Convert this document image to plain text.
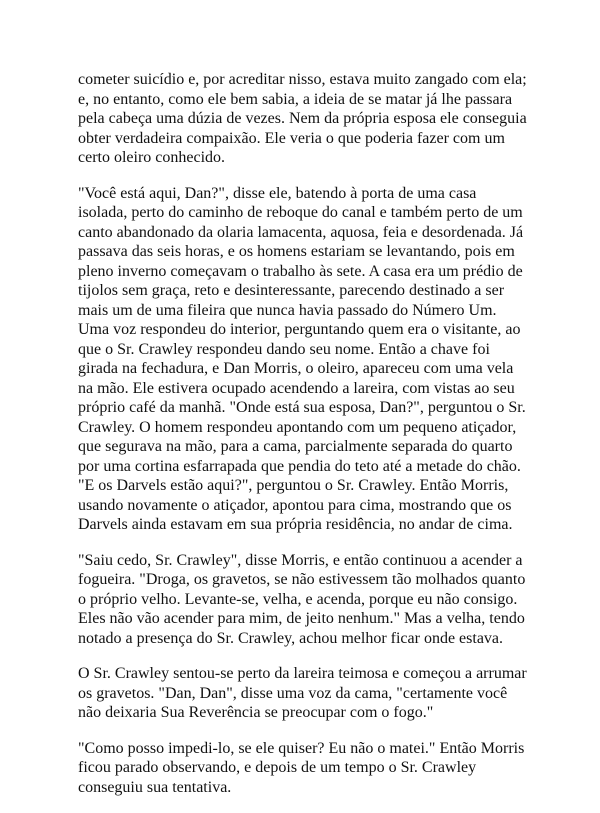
cometer suicídio e, por acreditar nisso, estava muito zangado com ela; e, no entanto, como ele bem sabia, a ideia de se matar já lhe passara pela cabeça uma dúzia de vezes. Nem da própria esposa ele conseguia obter verdadeira compaixão. Ele veria o que poderia fazer com um certo oleiro conhecido.

"Você está aqui, Dan?", disse ele, batendo à porta de uma casa isolada, perto do caminho de reboque do canal e também perto de um canto abandonado da olaria lamacenta, aquosa, feia e desordenada. Já passava das seis horas, e os homens estariam se levantando, pois em pleno inverno começavam o trabalho às sete. A casa era um prédio de tijolos sem graça, reto e desinteressante, parecendo destinado a ser mais um de uma fileira que nunca havia passado do Número Um. Uma voz respondeu do interior, perguntando quem era o visitante, ao que o Sr. Crawley respondeu dando seu nome. Então a chave foi girada na fechadura, e Dan Morris, o oleiro, apareceu com uma vela na mão. Ele estivera ocupado acendendo a lareira, com vistas ao seu próprio café da manhã. "Onde está sua esposa, Dan?", perguntou o Sr. Crawley. O homem respondeu apontando com um pequeno atiçador, que segurava na mão, para a cama, parcialmente separada do quarto por uma cortina esfarrapada que pendia do teto até a metade do chão. "E os Darvels estão aqui?", perguntou o Sr. Crawley. Então Morris, usando novamente o atiçador, apontou para cima, mostrando que os Darvels ainda estavam em sua própria residência, no andar de cima.

"Saiu cedo, Sr. Crawley", disse Morris, e então continuou a acender a fogueira. "Droga, os gravetos, se não estivessem tão molhados quanto o próprio velho. Levante-se, velha, e acenda, porque eu não consigo. Eles não vão acender para mim, de jeito nenhum." Mas a velha, tendo notado a presença do Sr. Crawley, achou melhor ficar onde estava.

O Sr. Crawley sentou-se perto da lareira teimosa e começou a arrumar os gravetos. "Dan, Dan", disse uma voz da cama, "certamente você não deixaria Sua Reverência se preocupar com o fogo."

"Como posso impedi-lo, se ele quiser? Eu não o matei." Então Morris ficou parado observando, e depois de um tempo o Sr. Crawley conseguiu sua tentativa.
